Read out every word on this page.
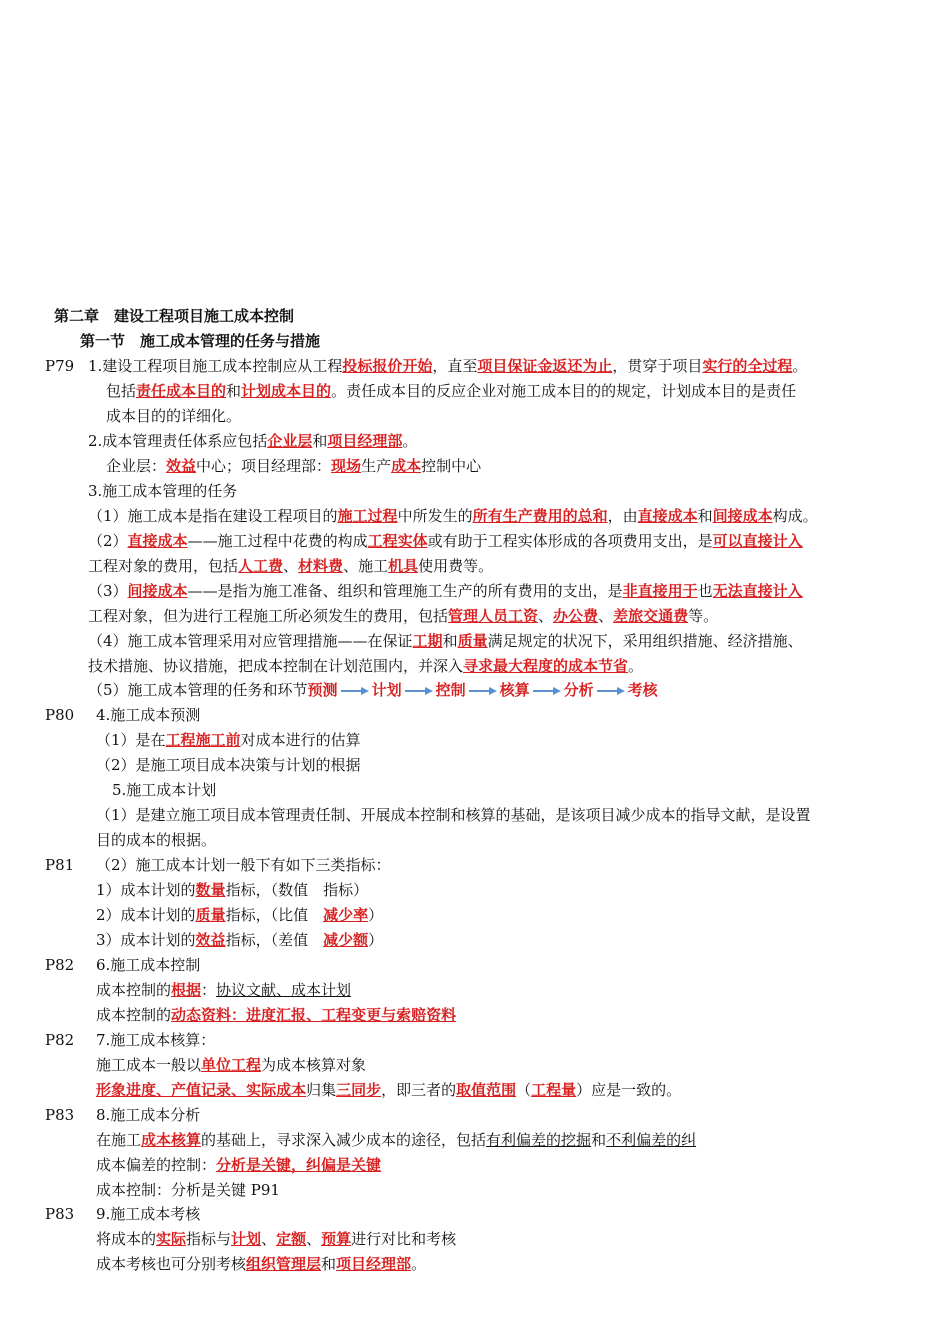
第二章　建设工程项目施工成本控制
第一节　施工成本管理的任务与措施
P79
P80
P81
P82
P82
P83
P83
1.建设工程项目施工成本控制应从工程投标报价开始，直至项目保证金返还为止，贯穿于项目实行的全过程。
包括责任成本目的和计划成本目的。责任成本目的反应企业对施工成本目的的规定，计划成本目的是责任
成本目的的详细化。
2.成本管理责任体系应包括企业层和项目经理部。
企业层：效益中心；项目经理部：现场生产成本控制中心
3.施工成本管理的任务
（1）施工成本是指在建设工程项目的施工过程中所发生的所有生产费用的总和，由直接成本和间接成本构成。
（2）直接成本——施工过程中花费的构成工程实体或有助于工程实体形成的各项费用支出，是可以直接计入
工程对象的费用，包括人工费、材料费、施工机具使用费等。
（3）间接成本——是指为施工准备、组织和管理施工生产的所有费用的支出，是非直接用于也无法直接计入
工程对象，但为进行工程施工所必须发生的费用，包括管理人员工资、办公费、差旅交通费等。
（4）施工成本管理采用对应管理措施——在保证工期和质量满足规定的状况下，采用组织措施、经济措施、
技术措施、协议措施，把成本控制在计划范围内，并深入寻求最大程度的成本节省。
（5）施工成本管理的任务和环节预测 计划 控制 核算 分析 考核
4.施工成本预测
（1）是在工程施工前对成本进行的估算
（2）是施工项目成本决策与计划的根据
5.施工成本计划
（1）是建立施工项目成本管理责任制、开展成本控制和核算的基础，是该项目减少成本的指导文献，是设置
目的成本的根据。
（2）施工成本计划一般下有如下三类指标：
1）成本计划的数量指标，（数值　指标）
2）成本计划的质量指标，（比值　减少率）
3）成本计划的效益指标，（差值　减少额）
6.施工成本控制
成本控制的根据：协议文献、成本计划
成本控制的动态资料：进度汇报、工程变更与索赔资料
7.施工成本核算：
施工成本一般以单位工程为成本核算对象
形象进度、产值记录、实际成本归集三同步，即三者的取值范围（工程量）应是一致的。
8.施工成本分析
在施工成本核算的基础上，寻求深入减少成本的途径，包括有利偏差的挖掘和不利偏差的纠
成本偏差的控制：分析是关键，纠偏是关键
成本控制：分析是关键 P91
9.施工成本考核
将成本的实际指标与计划、定额、预算进行对比和考核
成本考核也可分别考核组织管理层和项目经理部。
